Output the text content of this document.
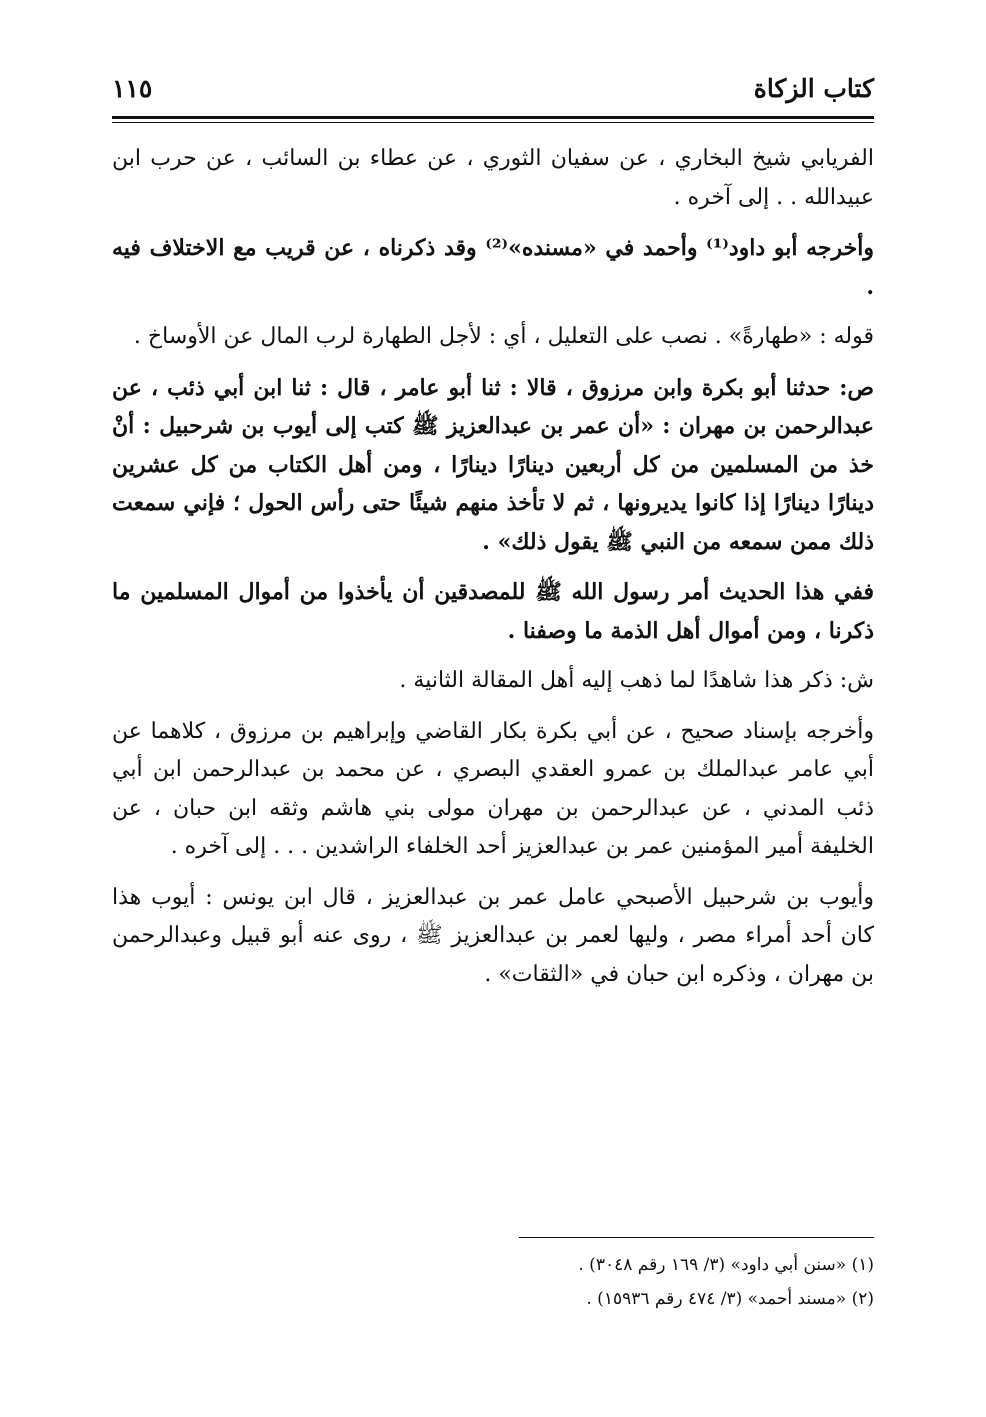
كتاب الزكاة
١١٥

الفريابي شيخ البخاري ، عن سفيان الثوري ، عن عطاء بن السائب ، عن حرب ابن عبيدالله . . إلى آخره .

وأخرجه أبو داود⁽¹⁾ وأحمد في «مسنده»⁽²⁾ وقد ذكرناه ، عن قريب مع الاختلاف فيه .

قوله : «طهارةً» . نصب على التعليل ، أي : لأجل الطهارة لرب المال عن الأوساخ .

ص: حدثنا أبو بكرة وابن مرزوق ، قالا : ثنا أبو عامر ، قال : ثنا ابن أبي ذئب ، عن عبدالرحمن بن مهران : «أن عمر بن عبدالعزيز ﷺ كتب إلى أيوب بن شرحبيل : أنْ خذ من المسلمين من كل أربعين دينارًا دينارًا ، ومن أهل الكتاب من كل عشرين دينارًا دينارًا إذا كانوا يديرونها ، ثم لا تأخذ منهم شيئًا حتى رأس الحول ؛ فإني سمعت ذلك ممن سمعه من النبي ﷺ يقول ذلك» .

ففي هذا الحديث أمر رسول الله ﷺ للمصدقين أن يأخذوا من أموال المسلمين ما ذكرنا ، ومن أموال أهل الذمة ما وصفنا .

ش: ذكر هذا شاهدًا لما ذهب إليه أهل المقالة الثانية .

وأخرجه بإسناد صحيح ، عن أبي بكرة بكار القاضي وإبراهيم بن مرزوق ، كلاهما عن أبي عامر عبدالملك بن عمرو العقدي البصري ، عن محمد بن عبدالرحمن ابن أبي ذئب المدني ، عن عبدالرحمن بن مهران مولى بني هاشم وثقه ابن حبان ، عن الخليفة أمير المؤمنين عمر بن عبدالعزيز أحد الخلفاء الراشدين . . . إلى آخره .

وأيوب بن شرحبيل الأصبحي عامل عمر بن عبدالعزيز ، قال ابن يونس : أيوب هذا كان أحد أمراء مصر ، وليها لعمر بن عبدالعزيز ﷺ ، روى عنه أبو قبيل وعبدالرحمن بن مهران ، وذكره ابن حبان في «الثقات» .

(١) «سنن أبي داود» (٣/ ١٦٩ رقم ٣٠٤٨) .
(٢) «مسند أحمد» (٣/ ٤٧٤ رقم ١٥٩٣٦) .
